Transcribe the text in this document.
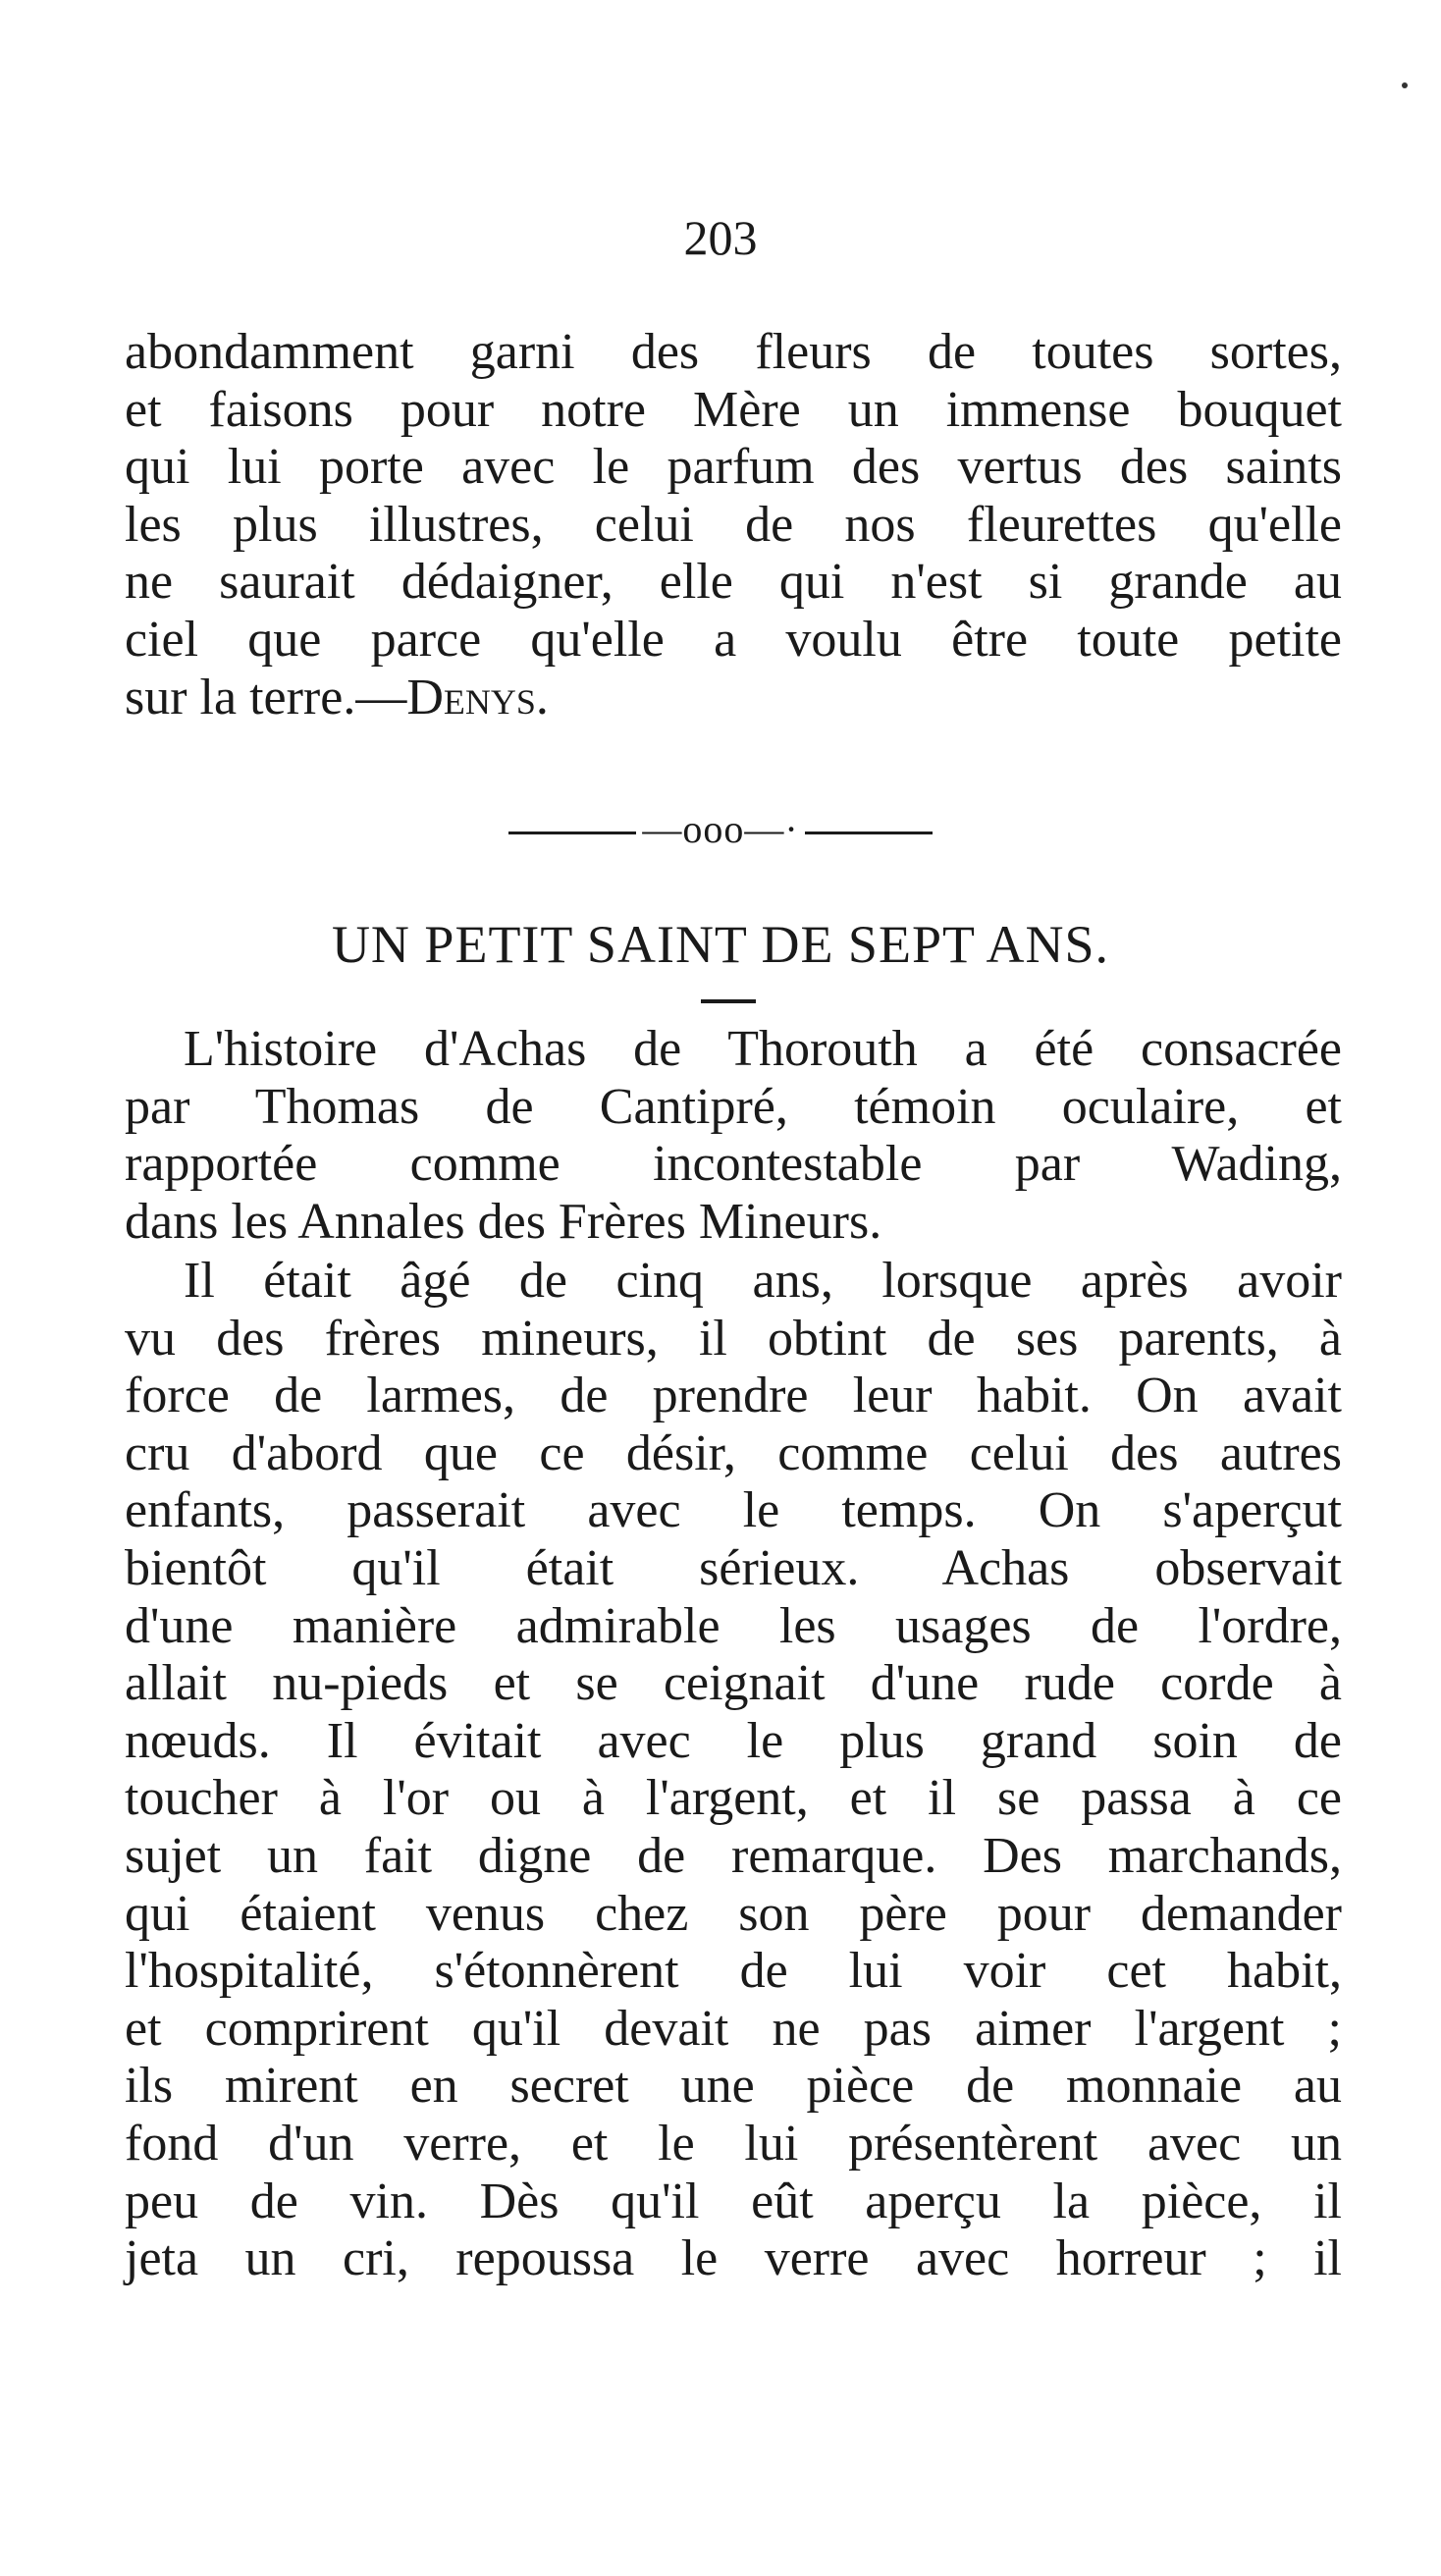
203
abondamment garni des fleurs de toutes sortes,
et faisons pour notre Mère un immense bouquet
qui lui porte avec le parfum des vertus des saints
les plus illustres, celui de nos fleurettes qu'elle
ne saurait dédaigner, elle qui n'est si grande au
ciel que parce qu'elle a voulu être toute petite
sur la terre.—Denys.
—ooo—·
UN PETIT SAINT DE SEPT ANS.
L'histoire d'Achas de Thorouth a été consacrée
par Thomas de Cantipré, témoin oculaire, et
rapportée comme incontestable par Wading,
dans les Annales des Frères Mineurs.
Il était âgé de cinq ans, lorsque après avoir
vu des frères mineurs, il obtint de ses parents, à
force de larmes, de prendre leur habit. On avait
cru d'abord que ce désir, comme celui des autres
enfants, passerait avec le temps. On s'aperçut
bientôt qu'il était sérieux. Achas observait
d'une manière admirable les usages de l'ordre,
allait nu-pieds et se ceignait d'une rude corde à
nœuds. Il évitait avec le plus grand soin de
toucher à l'or ou à l'argent, et il se passa à ce
sujet un fait digne de remarque. Des marchands,
qui étaient venus chez son père pour demander
l'hospitalité, s'étonnèrent de lui voir cet habit,
et comprirent qu'il devait ne pas aimer l'argent ;
ils mirent en secret une pièce de monnaie au
fond d'un verre, et le lui présentèrent avec un
peu de vin. Dès qu'il eût aperçu la pièce, il
jeta un cri, repoussa le verre avec horreur ; il
